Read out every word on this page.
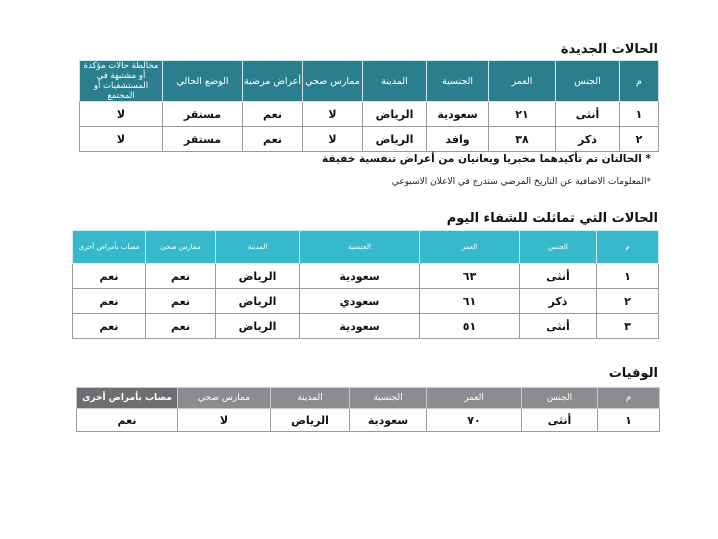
الحالات الجديدة
م	الجنس	العمر	الجنسية	المدينة	ممارس صحي	أعراض مرضية	الوضع الحالي	مخالطة حالات مؤكدة أو مشتبهة في المستشفيات أو المجتمع
١	أنثى	٢١	سعودية	الرياض	لا	نعم	مستقر	لا
٢	ذكر	٣٨	وافد	الرياض	لا	نعم	مستقر	لا
* الحالتان تم تأكيدهما مخبريا ويعانيان من أعراض تنفسية خفيفة
*المعلومات الاضافية عن التاريخ المرضي ستدرج في الاعلان الاسبوعي
الحالات التي تماثلت للشفاء اليوم
م	الجنس	العمر	الجنسية	المدينة	ممارس صحي	مصاب بأمراض أخرى
١	أنثى	٦٣	سعودية	الرياض	نعم	نعم
٢	ذكر	٦١	سعودي	الرياض	نعم	نعم
٣	أنثى	٥١	سعودية	الرياض	نعم	نعم
الوفيات
م	الجنس	العمر	الجنسية	المدينة	ممارس صحي	مصاب بأمراض أخرى
١	أنثى	٧٠	سعودية	الرياض	لا	نعم
